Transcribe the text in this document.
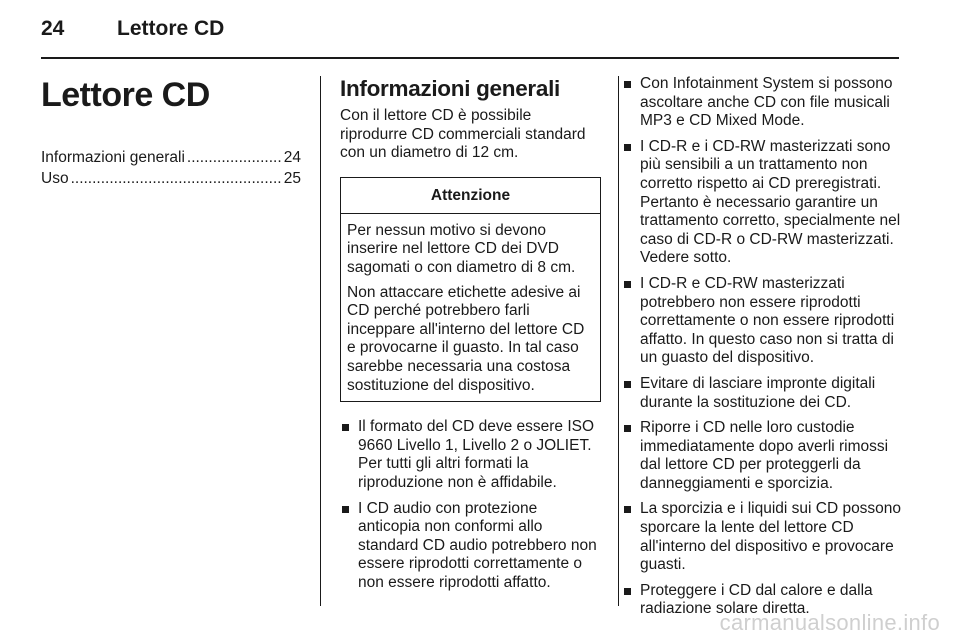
24	Lettore CD
Lettore CD
Informazioni generali .....	24
Uso .....	25
Informazioni generali

Con il lettore CD è possibile riprodurre CD commerciali standard con un diametro di 12 cm.

Attenzione

Per nessun motivo si devono inserire nel lettore CD dei DVD sagomati o con diametro di 8 cm.

Non attaccare etichette adesive ai CD perché potrebbero farli inceppare all'interno del lettore CD e provocarne il guasto. In tal caso sarebbe necessaria una costosa sostituzione del dispositivo.

Il formato del CD deve essere ISO 9660 Livello 1, Livello 2 o JOLIET. Per tutti gli altri formati la riproduzione non è affidabile.
I CD audio con protezione anticopia non conformi allo standard CD audio potrebbero non essere riprodotti correttamente o non essere riprodotti affatto.
Con Infotainment System si possono ascoltare anche CD con file musicali MP3 e CD Mixed Mode.
I CD-R e i CD-RW masterizzati sono più sensibili a un trattamento non corretto rispetto ai CD preregistrati. Pertanto è necessario garantire un trattamento corretto, specialmente nel caso di CD-R o CD-RW masterizzati. Vedere sotto.
I CD-R e CD-RW masterizzati potrebbero non essere riprodotti correttamente o non essere riprodotti affatto. In questo caso non si tratta di un guasto del dispositivo.
Evitare di lasciare impronte digitali durante la sostituzione dei CD.
Riporre i CD nelle loro custodie immediatamente dopo averli rimossi dal lettore CD per proteggerli da danneggiamenti e sporcizia.
La sporcizia e i liquidi sui CD possono sporcare la lente del lettore CD all'interno del dispositivo e provocare guasti.
Proteggere i CD dal calore e dalla radiazione solare diretta.
carmanualsonline.info
